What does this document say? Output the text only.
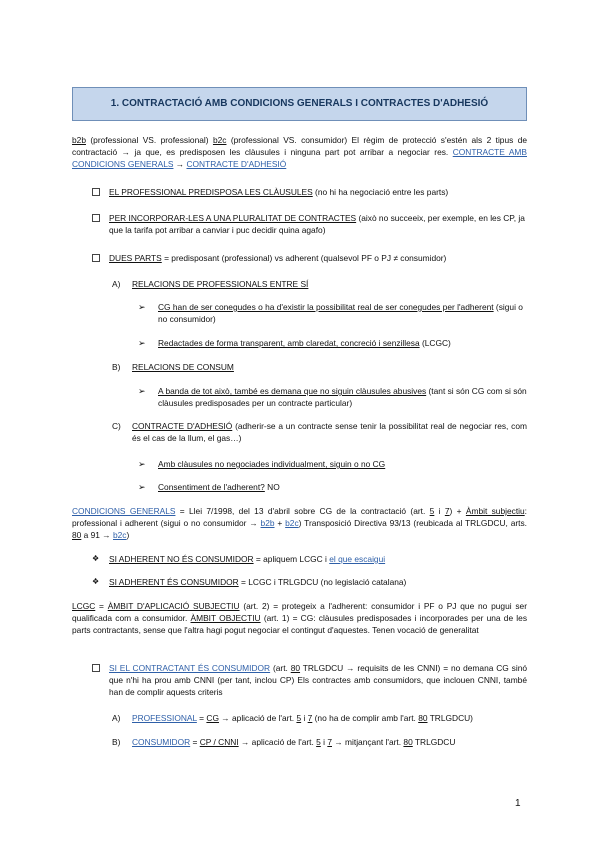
1. CONTRACTACIÓ AMB CONDICIONS GENERALS I CONTRACTES D'ADHESIÓ

b2b (professional VS. professional) b2c (professional VS. consumidor) El règim de protecció s'estén als 2 tipus de contractació → ja que, es predisposen les clàusules i ninguna part pot arribar a negociar res. CONTRACTE AMB CONDICIONS GENERALS → CONTRACTE D'ADHESIÓ

EL PROFESSIONAL PREDISPOSA LES CLÀUSULES (no hi ha negociació entre les parts)

PER INCORPORAR-LES A UNA PLURALITAT DE CONTRACTES (això no succeeix, per exemple, en les CP, ja que la tarifa pot arribar a canviar i puc decidir quina agafo)

DUES PARTS = predisposant (professional) vs adherent (qualsevol PF o PJ ≠ consumidor)

A) RELACIONS DE PROFESSIONALS ENTRE SÍ

➢ CG han de ser conegudes o ha d'existir la possibilitat real de ser conegudes per l'adherent (sigui o no consumidor)

➢ Redactades de forma transparent, amb claredat, concreció i senzillesa (LCGC)

B) RELACIONS DE CONSUM

➢ A banda de tot això, també es demana que no siguin clàusules abusives (tant si són CG com si són clàusules predisposades per un contracte particular)

C) CONTRACTE D'ADHESIÓ (adherir-se a un contracte sense tenir la possibilitat real de negociar res, com és el cas de la llum, el gas…)

➢ Amb clàusules no negociades individualment, siguin o no CG

➢ Consentiment de l'adherent? NO

CONDICIONS GENERALS = Llei 7/1998, del 13 d'abril sobre CG de la contractació (art. 5 i 7) + Àmbit subjectiu: professional i adherent (sigui o no consumidor → b2b + b2c) Transposició Directiva 93/13 (reubicada al TRLGDCU, arts. 80 a 91 → b2c)

❖ SI ADHERENT NO ÉS CONSUMIDOR = apliquem LCGC i el que escaigui

❖ SI ADHERENT ÉS CONSUMIDOR = LCGC i TRLGDCU (no legislació catalana)

LCGC = ÀMBIT D'APLICACIÓ SUBJECTIU (art. 2) = protegeix a l'adherent: consumidor i PF o PJ que no pugui ser qualificada com a consumidor. ÀMBIT OBJECTIU (art. 1) = CG: clàusules predisposades i incorporades per una de les parts contractants, sense que l'altra hagi pogut negociar el contingut d'aquestes. Tenen vocació de generalitat

SI EL CONTRACTANT ÉS CONSUMIDOR (art. 80 TRLGDCU → requisits de les CNNI) = no demana CG sinó que n'hi ha prou amb CNNI (per tant, inclou CP) Els contractes amb consumidors, que inclouen CNNI, també han de complir aquests criteris

A) PROFESSIONAL = CG → aplicació de l'art. 5 i 7 (no ha de complir amb l'art. 80 TRLGDCU)

B) CONSUMIDOR = CP / CNNI → aplicació de l'art. 5 i 7 → mitjançant l'art. 80 TRLGDCU

1
